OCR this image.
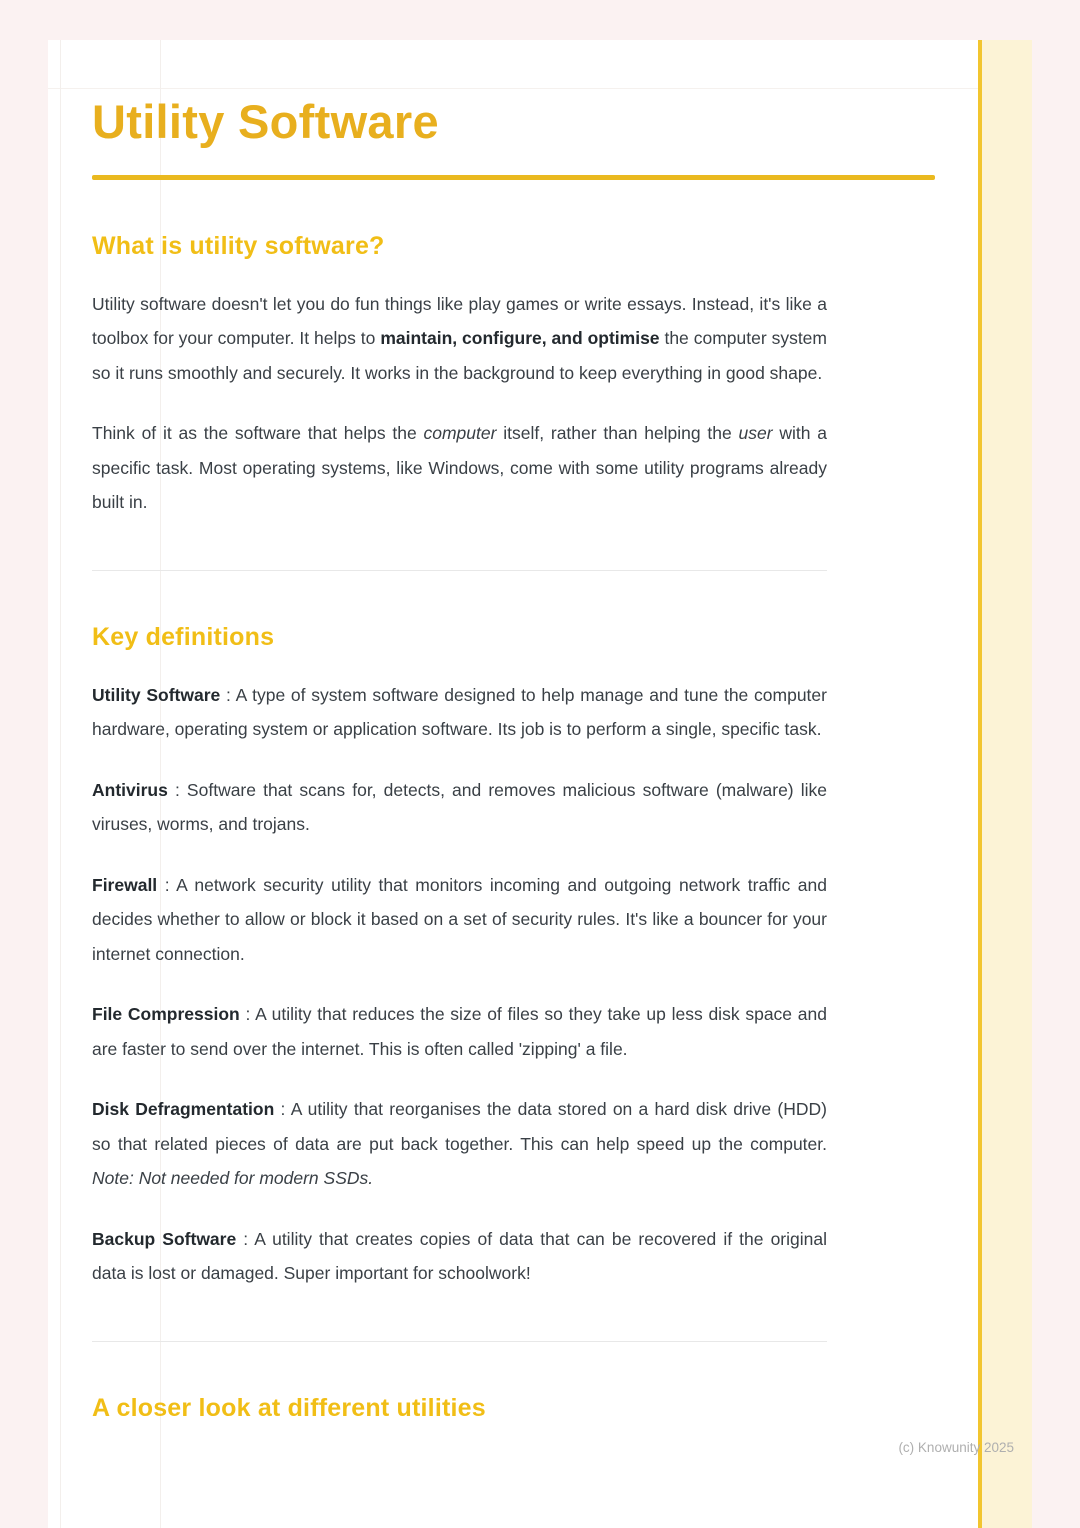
Utility Software
What is utility software?

Utility software doesn't let you do fun things like play games or write essays. Instead, it's like a toolbox for your computer. It helps to maintain, configure, and optimise the computer system so it runs smoothly and securely. It works in the background to keep everything in good shape.

Think of it as the software that helps the computer itself, rather than helping the user with a specific task. Most operating systems, like Windows, come with some utility programs already built in.

Key definitions

Utility Software : A type of system software designed to help manage and tune the computer hardware, operating system or application software. Its job is to perform a single, specific task.

Antivirus : Software that scans for, detects, and removes malicious software (malware) like viruses, worms, and trojans.

Firewall : A network security utility that monitors incoming and outgoing network traffic and decides whether to allow or block it based on a set of security rules. It's like a bouncer for your internet connection.

File Compression : A utility that reduces the size of files so they take up less disk space and are faster to send over the internet. This is often called 'zipping' a file.

Disk Defragmentation : A utility that reorganises the data stored on a hard disk drive (HDD) so that related pieces of data are put back together. This can help speed up the computer. Note: Not needed for modern SSDs.

Backup Software : A utility that creates copies of data that can be recovered if the original data is lost or damaged. Super important for schoolwork!

A closer look at different utilities
(c) Knowunity 2025
